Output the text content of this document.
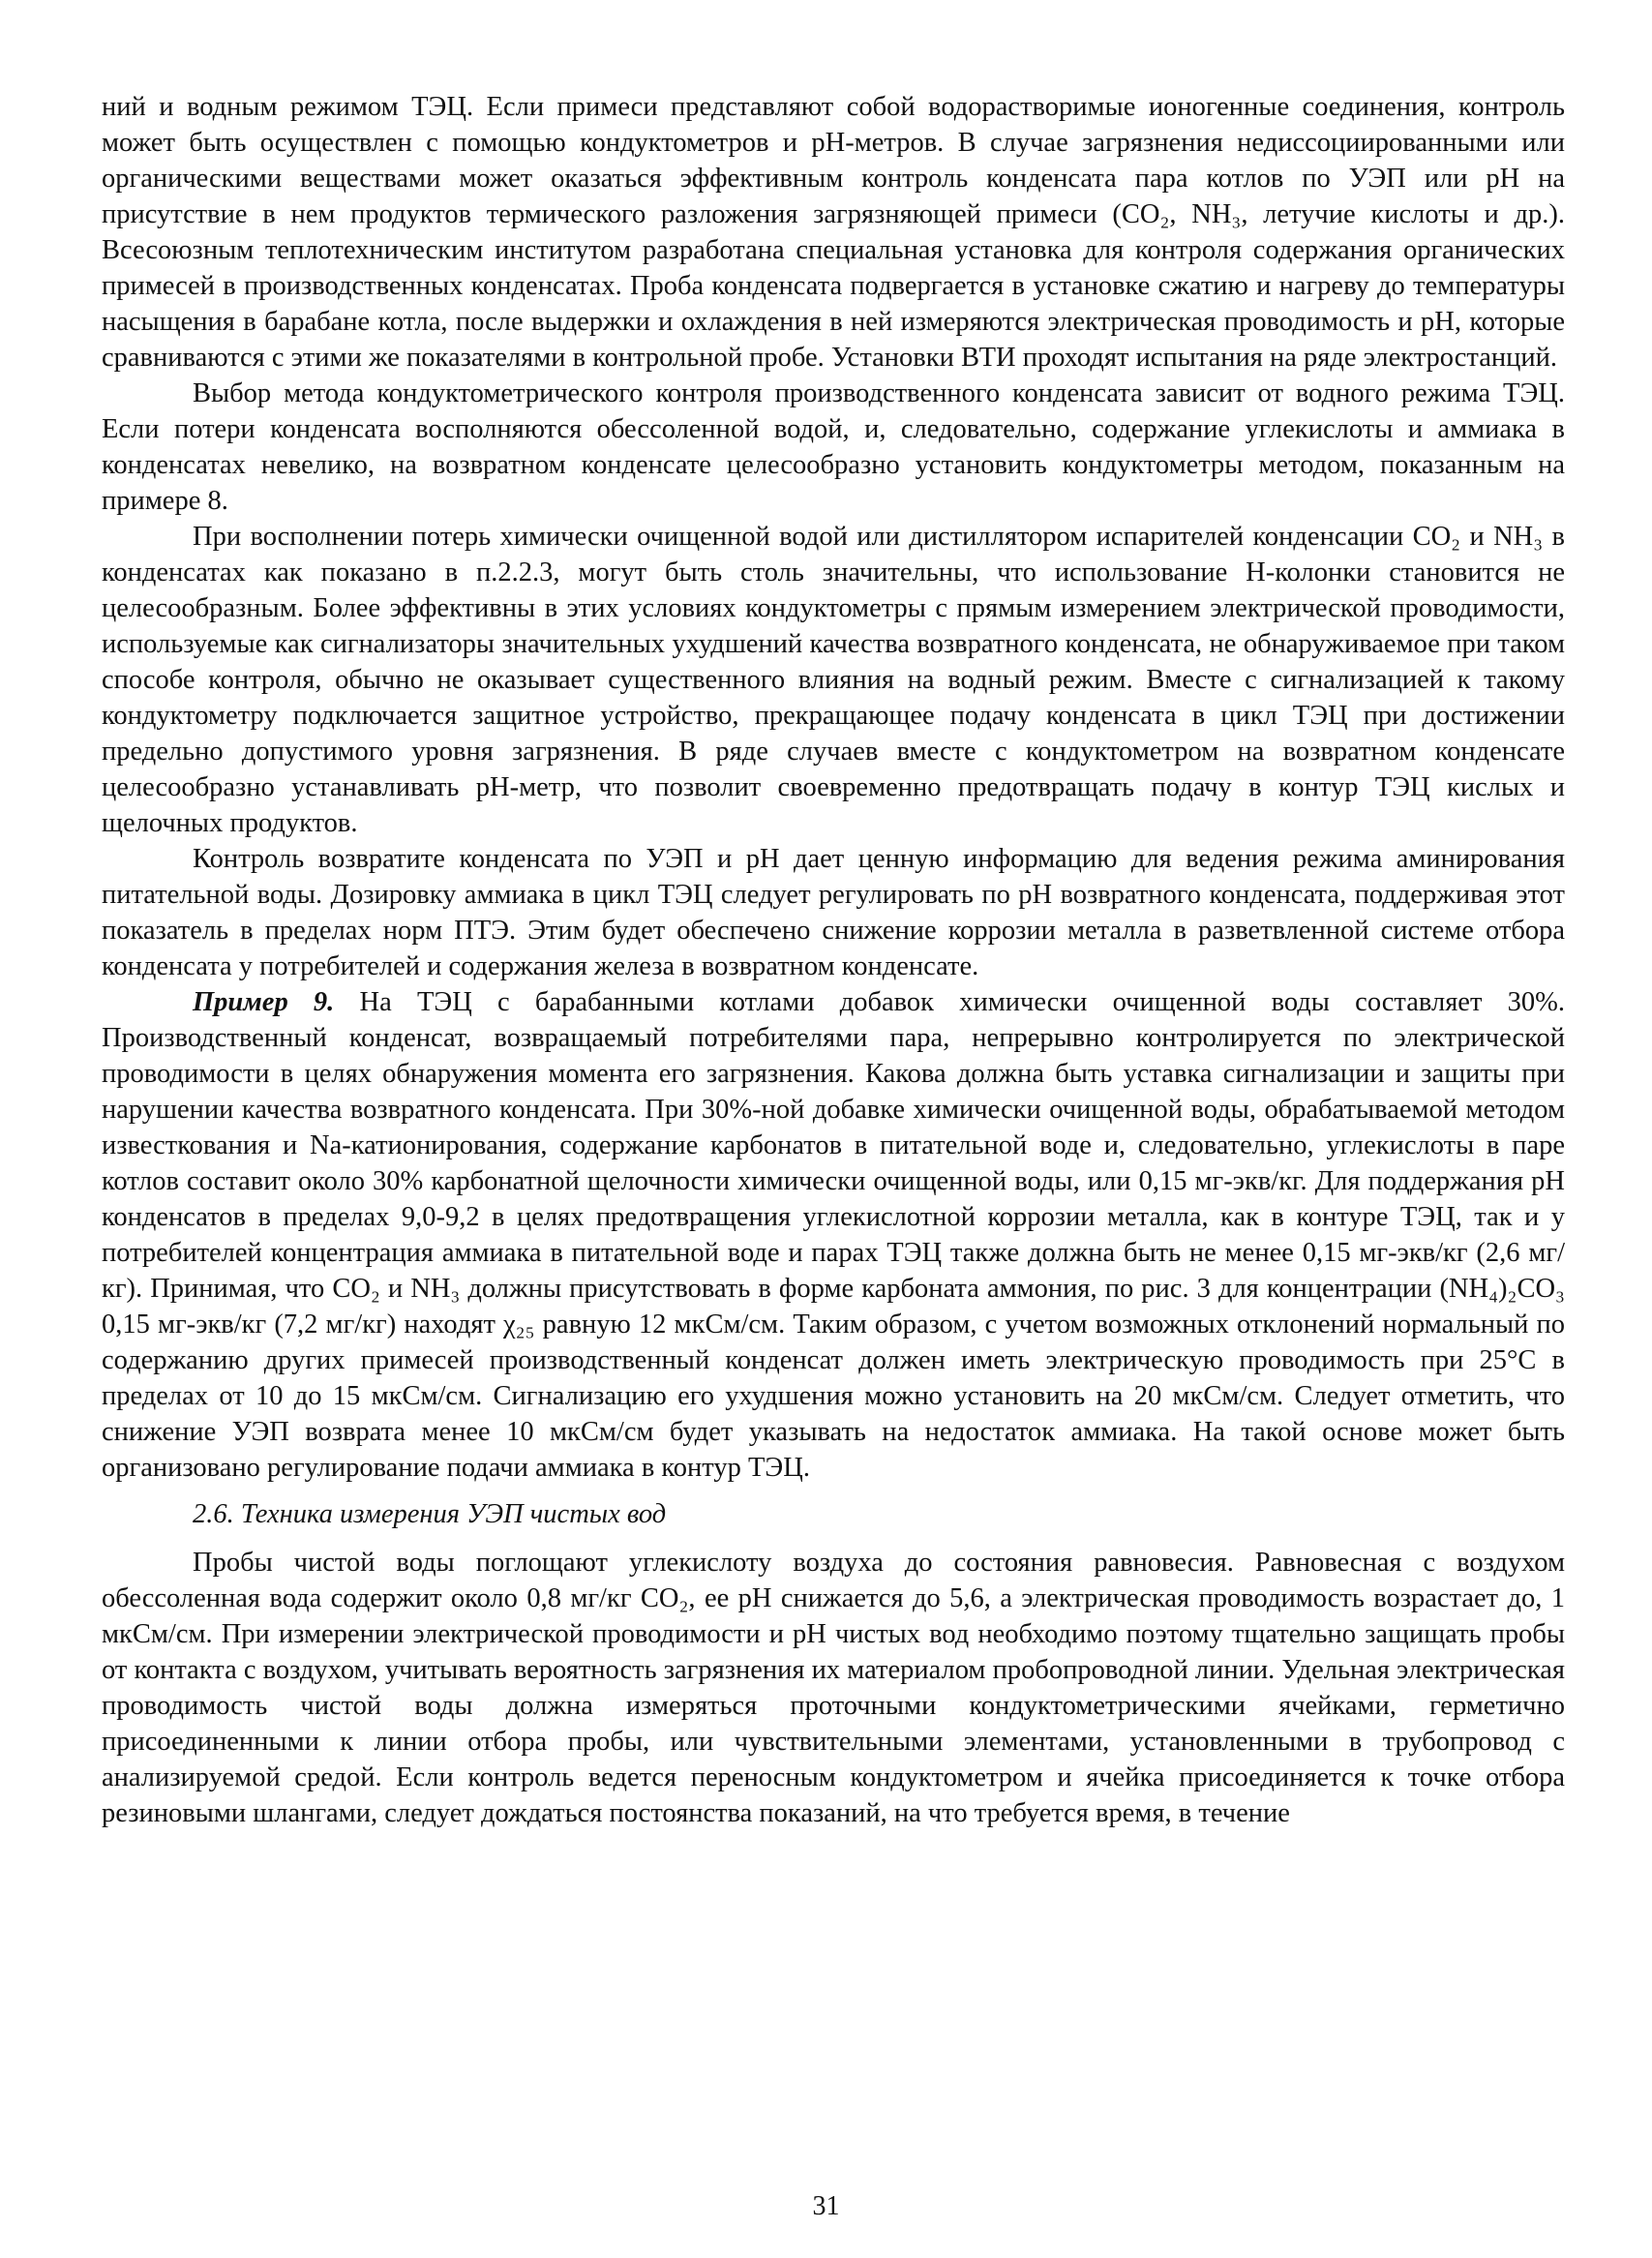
ний и водным режимом ТЭЦ. Если примеси представляют собой водорастворимые ионогенные соединения, контроль может быть осуществлен с помощью кондуктометров и pH-метров. В случае загрязнения недиссоциированными или органическими веществами может оказаться эффективным контроль конденсата пара котлов по УЭП или pH на присутствие в нем продуктов термического разложения загрязняющей примеси (CO₂, NH₃, летучие кислоты и др.). Всесоюзным теплотехническим институтом разработана специальная установка для контроля содержания органических примесей в производственных конденсатах. Проба конденсата подвергается в установке сжатию и нагреву до температуры насыщения в барабане котла, после выдержки и охлаждения в ней измеряются электрическая проводимость и pH, которые сравниваются с этими же показателями в контрольной пробе. Установки ВТИ проходят испытания на ряде электростанций.

Выбор метода кондуктометрического контроля производственного конденсата зависит от водного режима ТЭЦ. Если потери конденсата восполняются обессоленной водой, и, следовательно, содержание углекислоты и аммиака в конденсатах невелико, на возвратном конденсате целесообразно установить кондуктометры методом, показанным на примере 8.

При восполнении потерь химически очищенной водой или дистиллятором испарителей конденсации CO₂ и NH₃ в конденсатах как показано в п.2.2.3, могут быть столь значительны, что использование Н-колонки становится не целесообразным. Более эффективны в этих условиях кондуктометры с прямым измерением электрической проводимости, используемые как сигнализаторы значительных ухудшений качества возвратного конденсата, не обнаруживаемое при таком способе контроля, обычно не оказывает существенного влияния на водный режим. Вместе с сигнализацией к такому кондуктометру подключается защитное устройство, прекращающее подачу конденсата в цикл ТЭЦ при достижении предельно допустимого уровня загрязнения. В ряде случаев вместе с кондуктометром на возвратном конденсате целесообразно устанавливать pH-метр, что позволит своевременно предотвращать подачу в контур ТЭЦ кислых и щелочных продуктов.

Контроль возвратите конденсата по УЭП и pH дает ценную информацию для ведения режима аминирования питательной воды. Дозировку аммиака в цикл ТЭЦ следует регулировать по pH возвратного конденсата, поддерживая этот показатель в пределах норм ПТЭ. Этим будет обеспечено снижение коррозии металла в разветвленной системе отбора конденсата у потребителей и содержания железа в возвратном конденсате.

Пример 9. На ТЭЦ с барабанными котлами добавок химически очищенной воды составляет 30%. Производственный конденсат, возвращаемый потребителями пара, непрерывно контролируется по электрической проводимости в целях обнаружения момента его загрязнения. Какова должна быть уставка сигнализации и защиты при нарушении качества возвратного конденсата. При 30%-ной добавке химически очищенной воды, обрабатываемой методом известкования и Na-катионирования, содержание карбонатов в питательной воде и, следовательно, углекислоты в паре котлов составит около 30% карбонатной щелочности химически очищенной воды, или 0,15 мг-экв/кг. Для поддержания pH конденсатов в пределах 9,0-9,2 в целях предотвращения углекислотной коррозии металла, как в контуре ТЭЦ, так и у потребителей концентрация аммиака в питательной воде и парах ТЭЦ также должна быть не менее 0,15 мг-экв/кг (2,6 мг/кг). Принимая, что CO₂ и NH₃ должны присутствовать в форме карбоната аммония, по рис. 3 для концентрации (NH₄)₂CO₃ 0,15 мг-экв/кг (7,2 мг/кг) находят χ₂₅ равную 12 мкСм/см. Таким образом, с учетом возможных отклонений нормальный по содержанию других примесей производственный конденсат должен иметь электрическую проводимость при 25°С в пределах от 10 до 15 мкСм/см. Сигнализацию его ухудшения можно установить на 20 мкСм/см. Следует отметить, что снижение УЭП возврата менее 10 мкСм/см будет указывать на недостаток аммиака. На такой основе может быть организовано регулирование подачи аммиака в контур ТЭЦ.

2.6. Техника измерения УЭП чистых вод

Пробы чистой воды поглощают углекислоту воздуха до состояния равновесия. Равновесная с воздухом обессоленная вода содержит около 0,8 мг/кг CO₂, ее pH снижается до 5,6, а электрическая проводимость возрастает до, 1 мкСм/см. При измерении электрической проводимости и pH чистых вод необходимо поэтому тщательно защищать пробы от контакта с воздухом, учитывать вероятность загрязнения их материалом пробопроводной линии. Удельная электрическая проводимость чистой воды должна измеряться проточными кондуктометрическими ячейками, герметично присоединенными к линии отбора пробы, или чувствительными элементами, установленными в трубопровод с анализируемой средой. Если контроль ведется переносным кондуктометром и ячейка присоединяется к точке отбора резиновыми шлангами, следует дождаться постоянства показаний, на что требуется время, в течение

31
